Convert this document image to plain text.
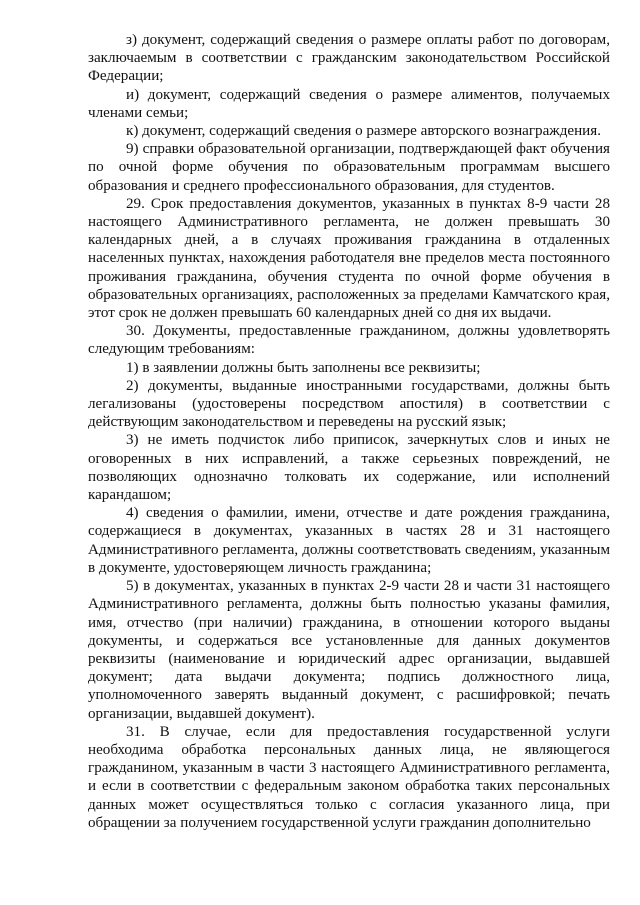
з) документ, содержащий сведения о размере оплаты работ по договорам, заключаемым в соответствии с гражданским законодательством Российской Федерации;

и) документ, содержащий сведения о размере алиментов, получаемых членами семьи;

к) документ, содержащий сведения о размере авторского вознаграждения.

9) справки образовательной организации, подтверждающей факт обучения по очной форме обучения по образовательным программам высшего образования и среднего профессионального образования, для студентов.

29. Срок предоставления документов, указанных в пунктах 8-9 части 28 настоящего Административного регламента, не должен превышать 30 календарных дней, а в случаях проживания гражданина в отдаленных населенных пунктах, нахождения работодателя вне пределов места постоянного проживания гражданина, обучения студента по очной форме обучения в образовательных организациях, расположенных за пределами Камчатского края, этот срок не должен превышать 60 календарных дней со дня их выдачи.

30. Документы, предоставленные гражданином, должны удовлетворять следующим требованиям:

1) в заявлении должны быть заполнены все реквизиты;

2) документы, выданные иностранными государствами, должны быть легализованы (удостоверены посредством апостиля) в соответствии с действующим законодательством и переведены на русский язык;

3) не иметь подчисток либо приписок, зачеркнутых слов и иных не оговоренных в них исправлений, а также серьезных повреждений, не позволяющих однозначно толковать их содержание, или исполнений карандашом;

4) сведения о фамилии, имени, отчестве и дате рождения гражданина, содержащиеся в документах, указанных в частях 28 и 31 настоящего Административного регламента, должны соответствовать сведениям, указанным в документе, удостоверяющем личность гражданина;

5) в документах, указанных в пунктах 2-9 части 28 и части 31 настоящего Административного регламента, должны быть полностью указаны фамилия, имя, отчество (при наличии) гражданина, в отношении которого выданы документы, и содержаться все установленные для данных документов реквизиты (наименование и юридический адрес организации, выдавшей документ; дата выдачи документа; подпись должностного лица, уполномоченного заверять выданный документ, с расшифровкой; печать организации, выдавшей документ).

31. В случае, если для предоставления государственной услуги необходима обработка персональных данных лица, не являющегося гражданином, указанным в части 3 настоящего Административного регламента, и если в соответствии с федеральным законом обработка таких персональных данных может осуществляться только с согласия указанного лица, при обращении за получением государственной услуги гражданин дополнительно
